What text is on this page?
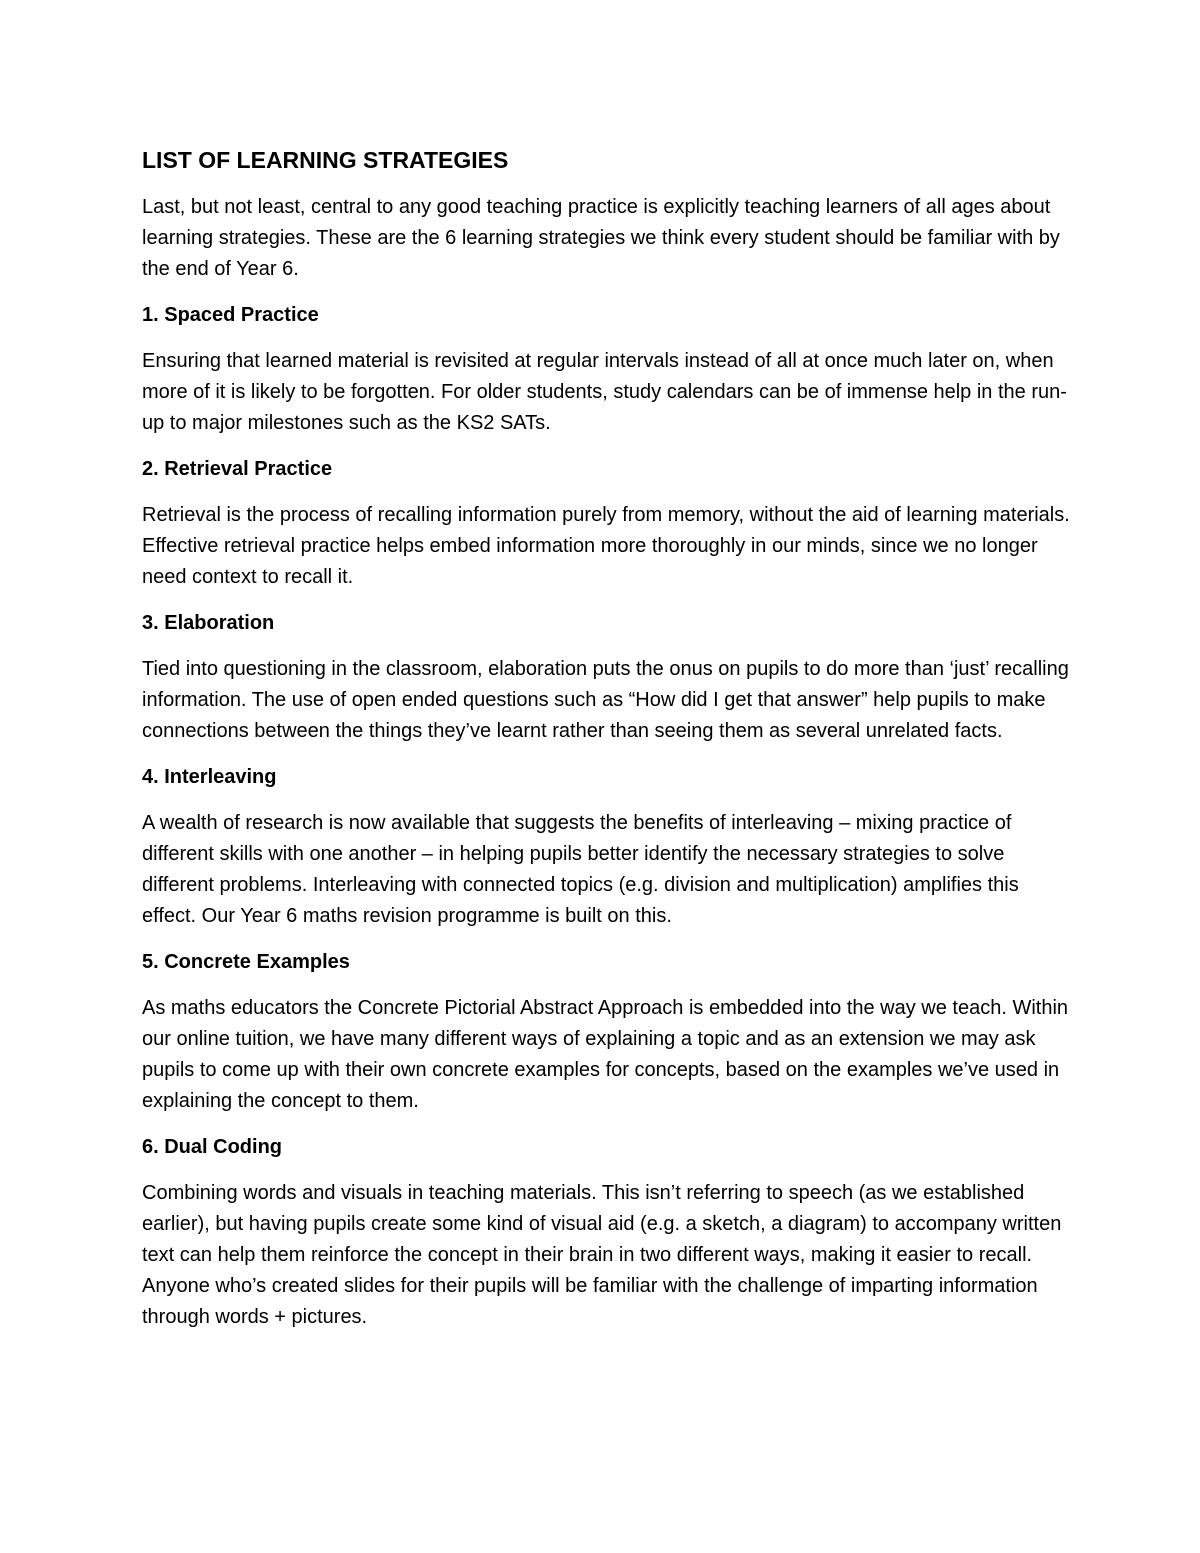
LIST OF LEARNING STRATEGIES

Last, but not least, central to any good teaching practice is explicitly teaching learners of all ages about learning strategies. These are the 6 learning strategies we think every student should be familiar with by the end of Year 6.

1. Spaced Practice

Ensuring that learned material is revisited at regular intervals instead of all at once much later on, when more of it is likely to be forgotten. For older students, study calendars can be of immense help in the run-up to major milestones such as the KS2 SATs.

2. Retrieval Practice

Retrieval is the process of recalling information purely from memory, without the aid of learning materials. Effective retrieval practice helps embed information more thoroughly in our minds, since we no longer need context to recall it.

3. Elaboration

Tied into questioning in the classroom, elaboration puts the onus on pupils to do more than ‘just’ recalling information. The use of open ended questions such as “How did I get that answer” help pupils to make connections between the things they’ve learnt rather than seeing them as several unrelated facts.

4. Interleaving

A wealth of research is now available that suggests the benefits of interleaving – mixing practice of different skills with one another – in helping pupils better identify the necessary strategies to solve different problems. Interleaving with connected topics (e.g. division and multiplication) amplifies this effect. Our Year 6 maths revision programme is built on this.

5. Concrete Examples

As maths educators the Concrete Pictorial Abstract Approach is embedded into the way we teach. Within our online tuition, we have many different ways of explaining a topic and as an extension we may ask pupils to come up with their own concrete examples for concepts, based on the examples we’ve used in explaining the concept to them.

6. Dual Coding

Combining words and visuals in teaching materials. This isn’t referring to speech (as we established earlier), but having pupils create some kind of visual aid (e.g. a sketch, a diagram) to accompany written text can help them reinforce the concept in their brain in two different ways, making it easier to recall. Anyone who’s created slides for their pupils will be familiar with the challenge of imparting information through words + pictures.
